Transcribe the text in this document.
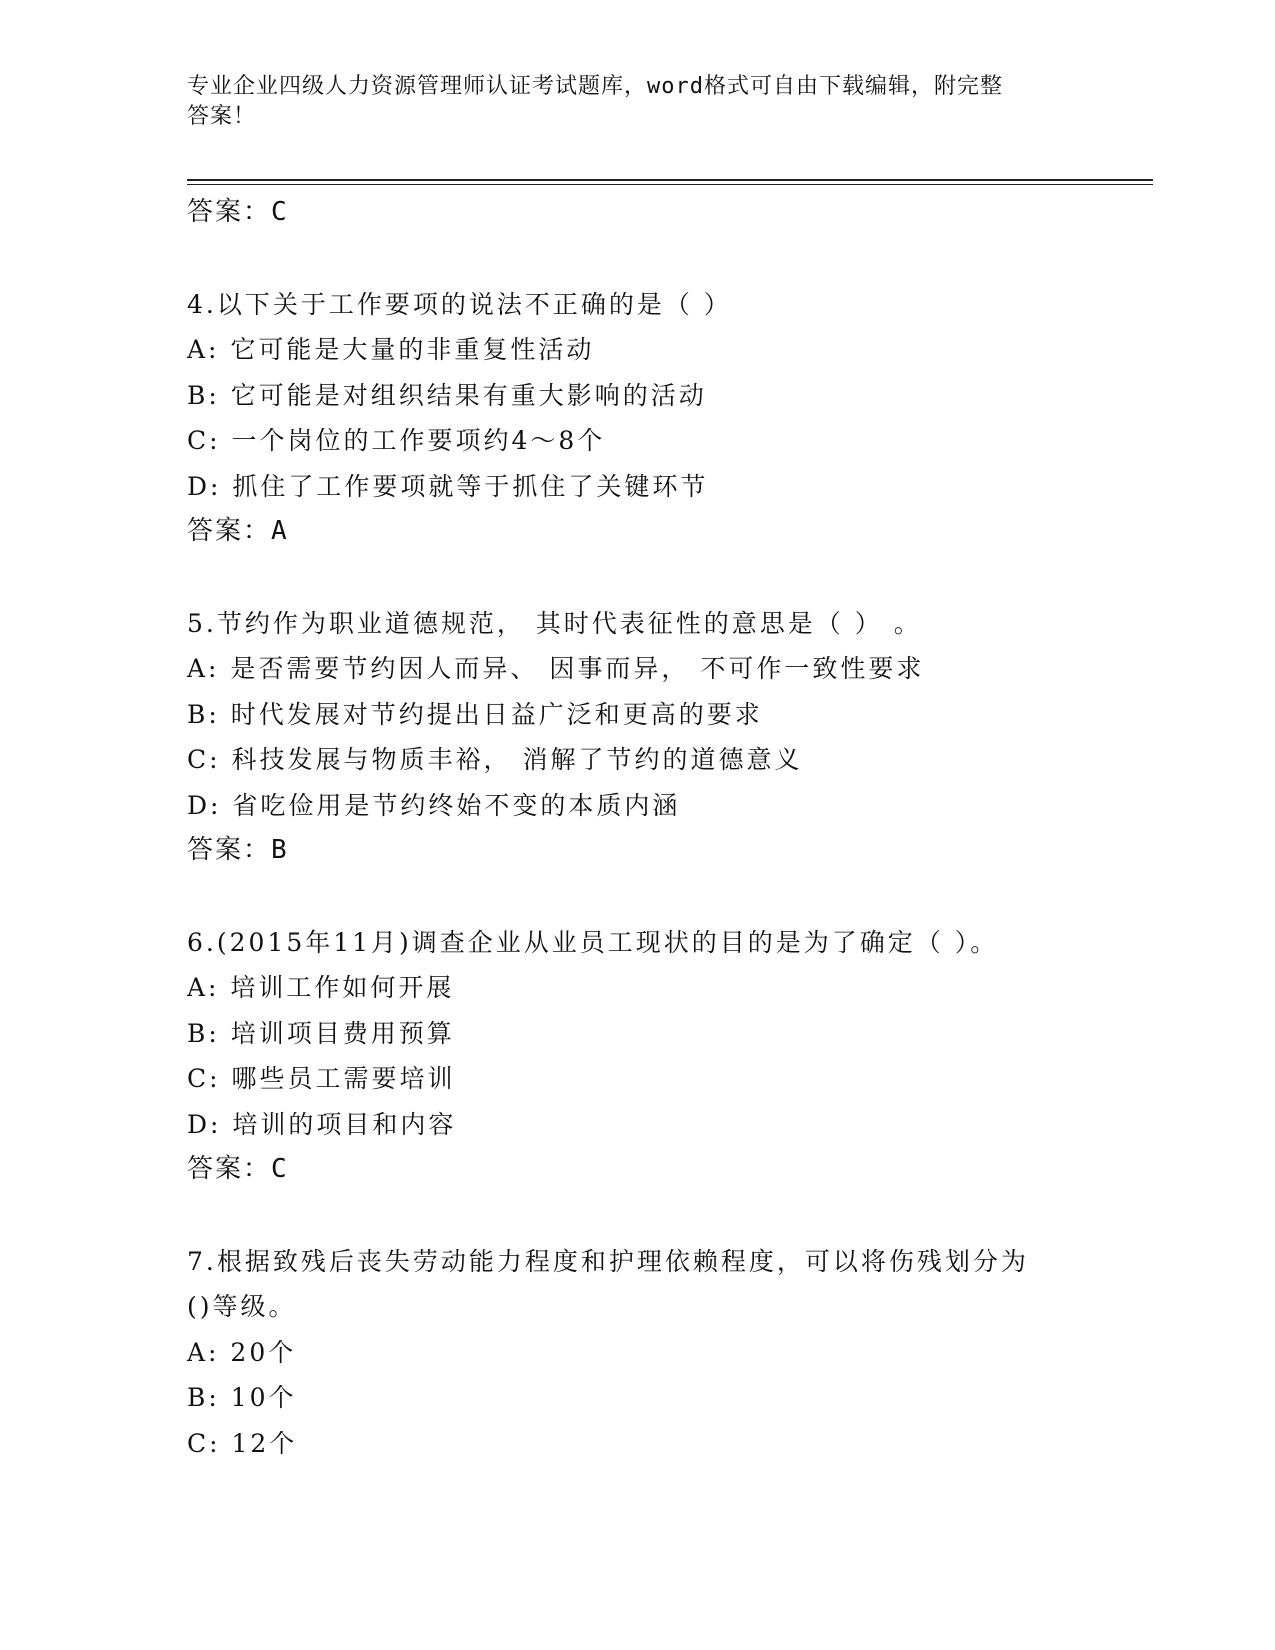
专业企业四级人力资源管理师认证考试题库，word格式可自由下载编辑，附完整
答案！
答案：C
4.以下关于工作要项的说法不正确的是（ ）
A: 它可能是大量的非重复性活动
B: 它可能是对组织结果有重大影响的活动
C: 一个岗位的工作要项约4～8个
D: 抓住了工作要项就等于抓住了关键环节
答案：A
5.节约作为职业道德规范， 其时代表征性的意思是（ ） 。
A: 是否需要节约因人而异、 因事而异， 不可作一致性要求
B: 时代发展对节约提出日益广泛和更高的要求
C: 科技发展与物质丰裕， 消解了节约的道德意义
D: 省吃俭用是节约终始不变的本质内涵
答案：B
6.(2015年11月)调查企业从业员工现状的目的是为了确定（ ）。
A: 培训工作如何开展
B: 培训项目费用预算
C: 哪些员工需要培训
D: 培训的项目和内容
答案：C
7.根据致残后丧失劳动能力程度和护理依赖程度，可以将伤残划分为
()等级。
A: 20个
B: 10个
C: 12个
